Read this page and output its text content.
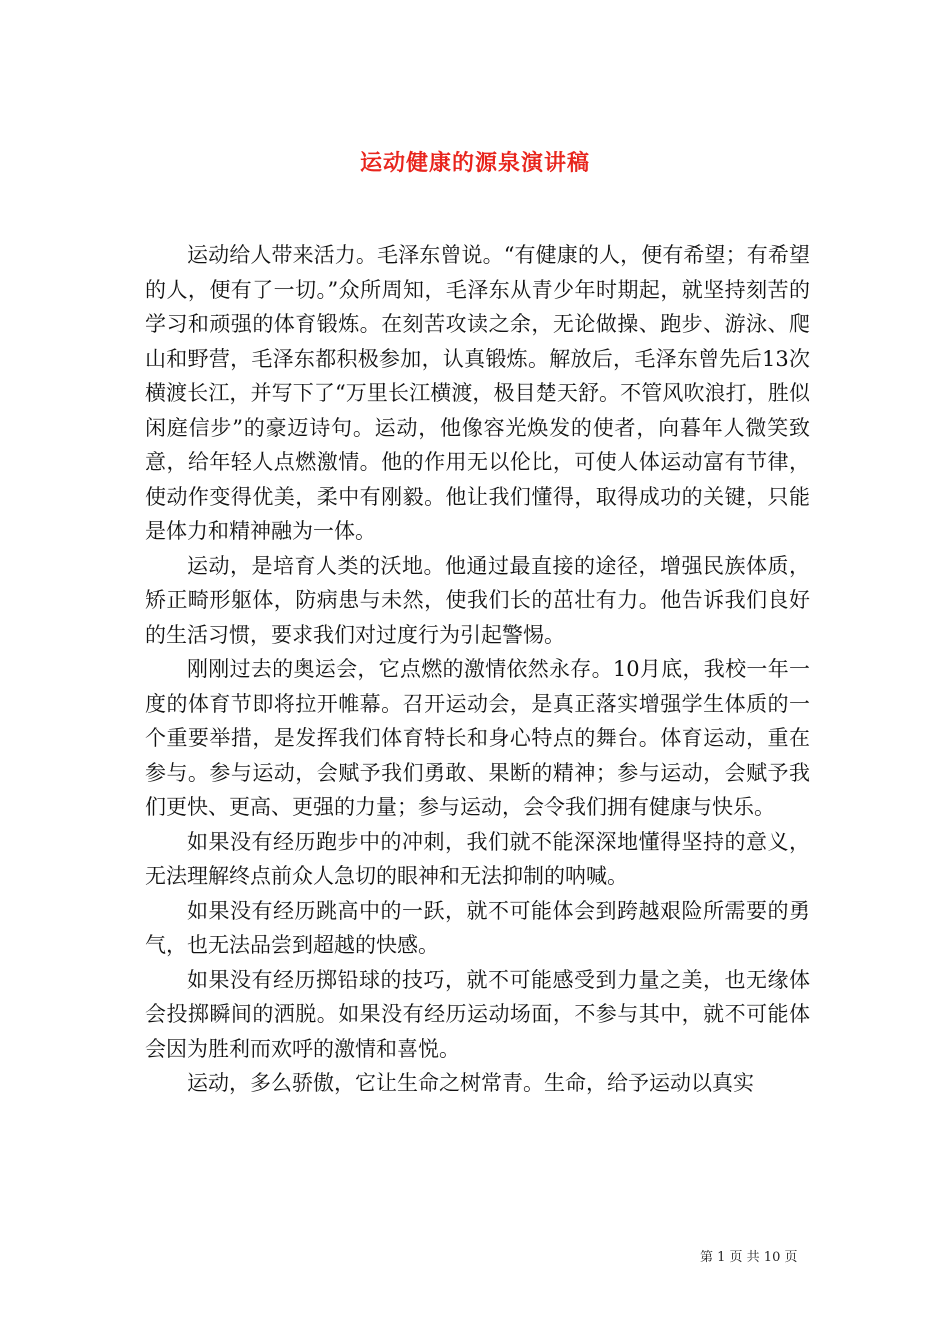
运动健康的源泉演讲稿

运动给人带来活力。毛泽东曾说。“有健康的人，便有希望；有希望的人，便有了一切。”众所周知，毛泽东从青少年时期起，就坚持刻苦的学习和顽强的体育锻炼。在刻苦攻读之余，无论做操、跑步、游泳、爬山和野营，毛泽东都积极参加，认真锻炼。解放后，毛泽东曾先后13次横渡长江，并写下了“万里长江横渡，极目楚天舒。不管风吹浪打，胜似闲庭信步”的豪迈诗句。运动，他像容光焕发的使者，向暮年人微笑致意，给年轻人点燃激情。他的作用无以伦比，可使人体运动富有节律，使动作变得优美，柔中有刚毅。他让我们懂得，取得成功的关键，只能是体力和精神融为一体。

运动，是培育人类的沃地。他通过最直接的途径，增强民族体质，矫正畸形躯体，防病患与未然，使我们长的茁壮有力。他告诉我们良好的生活习惯，要求我们对过度行为引起警惕。

刚刚过去的奥运会，它点燃的激情依然永存。10月底，我校一年一度的体育节即将拉开帷幕。召开运动会，是真正落实增强学生体质的一个重要举措，是发挥我们体育特长和身心特点的舞台。体育运动，重在参与。参与运动，会赋予我们勇敢、果断的精神；参与运动，会赋予我们更快、更高、更强的力量；参与运动，会令我们拥有健康与快乐。

如果没有经历跑步中的冲刺，我们就不能深深地懂得坚持的意义，无法理解终点前众人急切的眼神和无法抑制的呐喊。

如果没有经历跳高中的一跃，就不可能体会到跨越艰险所需要的勇气，也无法品尝到超越的快感。

如果没有经历掷铅球的技巧，就不可能感受到力量之美，也无缘体会投掷瞬间的洒脱。如果没有经历运动场面，不参与其中，就不可能体会因为胜利而欢呼的激情和喜悦。

运动，多么骄傲，它让生命之树常青。生命，给予运动以真实

第 1 页 共 10 页
